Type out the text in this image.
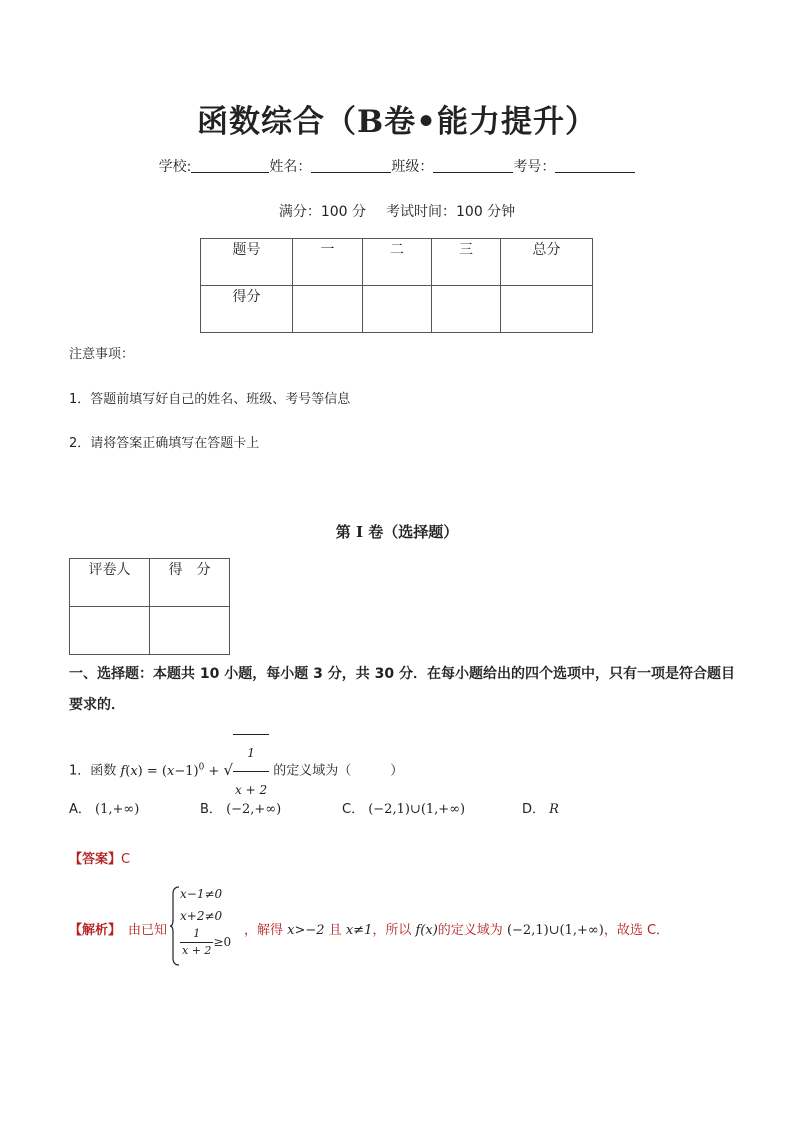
函数综合（B卷•能力提升）
学校:	姓名：	班级：	考号：
满分：100 分 考试时间：100 分钟
题号	一	二	三	总分
得分				
注意事项：
1．答题前填写好自己的姓名、班级、考号等信息
2．请将答案正确填写在答题卡上
第 I 卷（选择题）
评卷人	得　分

一、选择题：本题共 10 小题，每小题 3 分，共 30 分．在每小题给出的四个选项中，只有一项是符合题目
要求的．
1．函数 $f(x) = (x-1)^0$ + √ $\frac{1}{x + 2}$ 的定义域为（　　　）
A． (1,+∞)	B． (−2,+∞)	C． (−2,1)∪(1,+∞)	D． R
【答案】C
【解析】 由已知
x−1≠0
x+2≠0
$\frac{1}{x + 2} \ge 0$
，解得 x>−2 且 x≠1，所以 f(x)的定义域为 (−2,1)∪(1,+∞)，故选 C．
